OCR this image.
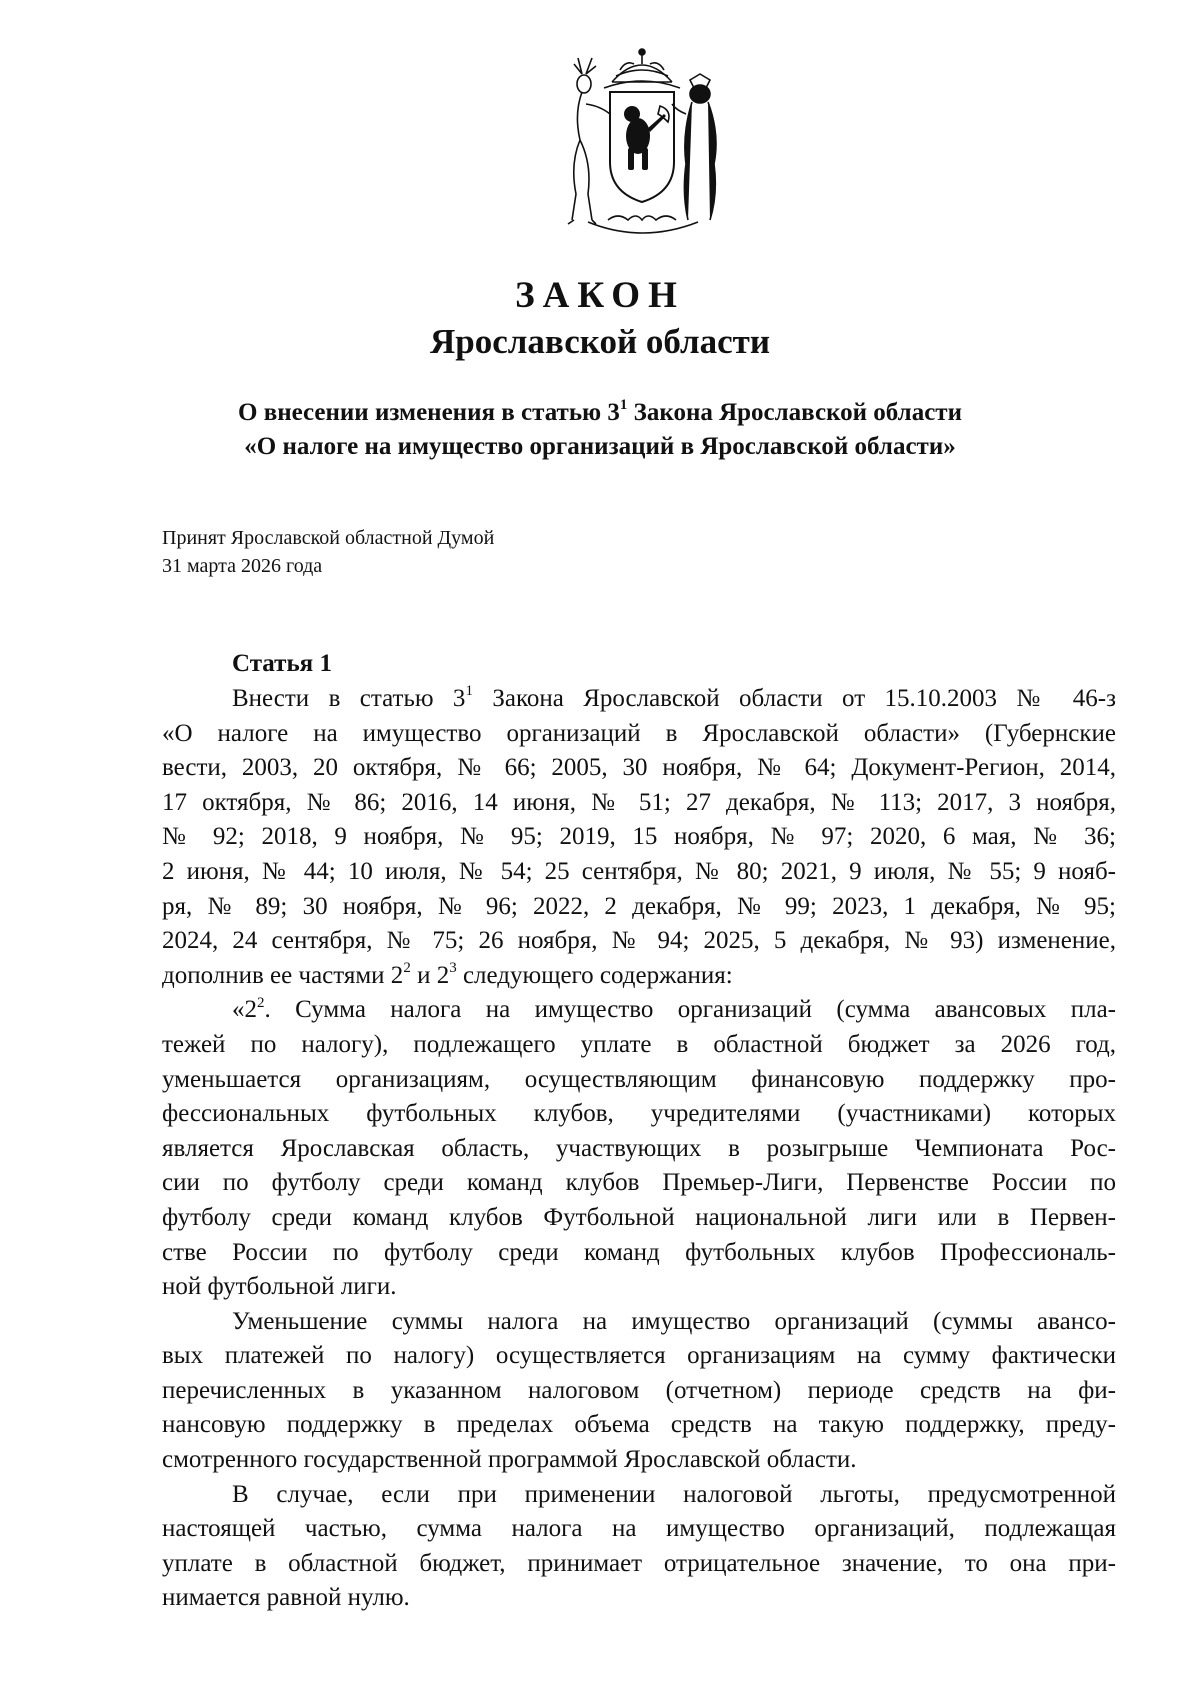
ЗАКОН
Ярославской области
О внесении изменения в статью $3^1$ Закона Ярославской области
«О налоге на имущество организаций в Ярославской области»
Принят Ярославской областной Думой
31 марта 2026 года
Статья 1
Внести в статью $3^1$ Закона Ярославской области от 15.10.2003 № 46-з
«О налоге на имущество организаций в Ярославской области» (Губернские
вести, 2003, 20 октября, № 66; 2005, 30 ноября, № 64; Документ-Регион, 2014,
17 октября, № 86; 2016, 14 июня, № 51; 27 декабря, № 113; 2017, 3 ноября,
№ 92; 2018, 9 ноября, № 95; 2019, 15 ноября, № 97; 2020, 6 мая, № 36;
2 июня, № 44; 10 июля, № 54; 25 сентября, № 80; 2021, 9 июля, № 55; 9 нояб-
ря, № 89; 30 ноября, № 96; 2022, 2 декабря, № 99; 2023, 1 декабря, № 95;
2024, 24 сентября, № 75; 26 ноября, № 94; 2025, 5 декабря, № 93) изменение,
дополнив ее частями $2^2$ и $2^3$ следующего содержания:
«$2^2$. Сумма налога на имущество организаций (сумма авансовых пла-
тежей по налогу), подлежащего уплате в областной бюджет за 2026 год,
уменьшается организациям, осуществляющим финансовую поддержку про-
фессиональных футбольных клубов, учредителями (участниками) которых
является Ярославская область, участвующих в розыгрыше Чемпионата Рос-
сии по футболу среди команд клубов Премьер-Лиги, Первенстве России по
футболу среди команд клубов Футбольной национальной лиги или в Первен-
стве России по футболу среди команд футбольных клубов Профессиональ-
ной футбольной лиги.
Уменьшение суммы налога на имущество организаций (суммы авансо-
вых платежей по налогу) осуществляется организациям на сумму фактически
перечисленных в указанном налоговом (отчетном) периоде средств на фи-
нансовую поддержку в пределах объема средств на такую поддержку, преду-
смотренного государственной программой Ярославской области.
В случае, если при применении налоговой льготы, предусмотренной
настоящей частью, сумма налога на имущество организаций, подлежащая
уплате в областной бюджет, принимает отрицательное значение, то она при-
нимается равной нулю.
